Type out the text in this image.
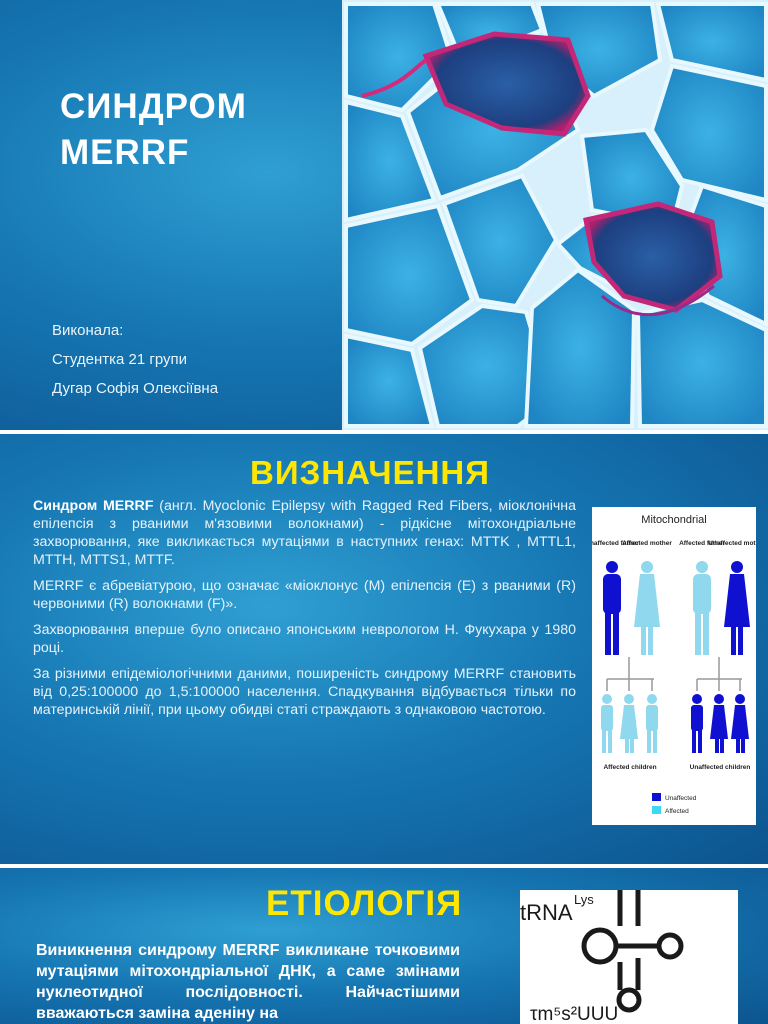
СИНДРОМ
MERRF
Виконала:
Студентка 21 групи
Дугар Софія Олексіївна
ВИЗНАЧЕННЯ

Синдром MERRF (англ. Myoclonic Epilepsy with Ragged Red Fibers, міоклонічна епілепсія з рваними м'язовими волокнами) - рідкісне мітохондріальне захворювання, яке викликається мутаціями в наступних генах: MTTK , MTTL1, MTTH, MTTS1, MTTF.

MERRF є абревіатурою, що означає «міоклонус (M) епілепсія (E) з рваними (R) червоними (R) волокнами (F)».

Захворювання вперше було описано японським неврологом Н. Фукухара у 1980 році.

За різними епідеміологічними даними, поширеність синдрому MERRF становить від 0,25:100000 до 1,5:100000 населення. Спадкування відбувається тільки по материнській лінії, при цьому обидві статі страждають з однаковою частотою.

Mitochondrial
affected father
Affected mother Affected father
Unaffected mot
Affected children	Unaffected children
Unaffected
Affected
ЕТІОЛОГІЯ
Виникнення синдрому MERRF викликане точковими мутаціями мітохондріальної ДНК, а саме змінами нуклеотидної послідовності. Найчастішими вважаються заміна аденіну на
tRNA
Lys
τm⁵s²UUU
